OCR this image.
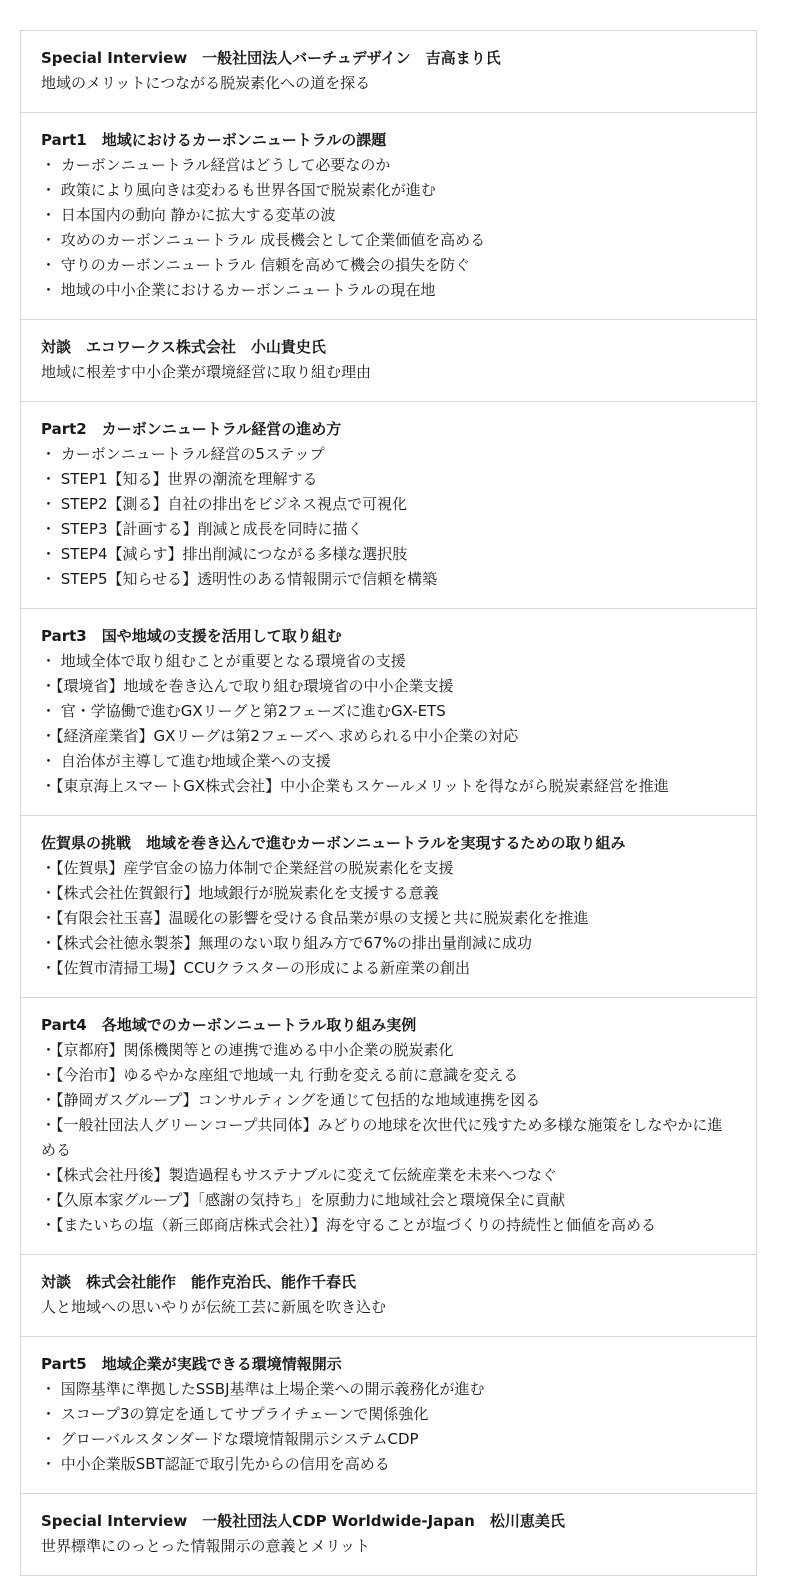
Special Interview　一般社団法人バーチュデザイン　吉高まり氏
地域のメリットにつながる脱炭素化への道を探る
Part1　地域におけるカーボンニュートラルの課題
・ カーボンニュートラル経営はどうして必要なのか
・ 政策により風向きは変わるも世界各国で脱炭素化が進む
・ 日本国内の動向 静かに拡大する変革の波
・ 攻めのカーボンニュートラル 成長機会として企業価値を高める
・ 守りのカーボンニュートラル 信頼を高めて機会の損失を防ぐ
・ 地域の中小企業におけるカーボンニュートラルの現在地
対談　エコワークス株式会社　小山貴史氏
地域に根差す中小企業が環境経営に取り組む理由
Part2　カーボンニュートラル経営の進め方
・ カーボンニュートラル経営の5ステップ
・ STEP1【知る】世界の潮流を理解する
・ STEP2【測る】自社の排出をビジネス視点で可視化
・ STEP3【計画する】削減と成長を同時に描く
・ STEP4【減らす】排出削減につながる多様な選択肢
・ STEP5【知らせる】透明性のある情報開示で信頼を構築
Part3　国や地域の支援を活用して取り組む
・ 地域全体で取り組むことが重要となる環境省の支援
・【環境省】地域を巻き込んで取り組む環境省の中小企業支援
・ 官・学協働で進むGXリーグと第2フェーズに進むGX-ETS
・【経済産業省】GXリーグは第2フェーズへ 求められる中小企業の対応
・ 自治体が主導して進む地域企業への支援
・【東京海上スマートGX株式会社】中小企業もスケールメリットを得ながら脱炭素経営を推進
佐賀県の挑戦　地域を巻き込んで進むカーボンニュートラルを実現するための取り組み
・【佐賀県】産学官金の協力体制で企業経営の脱炭素化を支援
・【株式会社佐賀銀行】地域銀行が脱炭素化を支援する意義
・【有限会社玉喜】温暖化の影響を受ける食品業が県の支援と共に脱炭素化を推進
・【株式会社徳永製茶】無理のない取り組み方で67%の排出量削減に成功
・【佐賀市清掃工場】CCUクラスターの形成による新産業の創出
Part4　各地域でのカーボンニュートラル取り組み実例
・【京都府】関係機関等との連携で進める中小企業の脱炭素化
・【今治市】ゆるやかな座組で地域一丸 行動を変える前に意識を変える
・【静岡ガスグループ】コンサルティングを通じて包括的な地域連携を図る
・【一般社団法人グリーンコープ共同体】みどりの地球を次世代に残すため多様な施策をしなやかに進める
・【株式会社丹後】製造過程もサステナブルに変えて伝統産業を未来へつなぐ
・【久原本家グループ】「感謝の気持ち」を原動力に地域社会と環境保全に貢献
・【またいちの塩（新三郎商店株式会社）】海を守ることが塩づくりの持続性と価値を高める
対談　株式会社能作　能作克治氏、能作千春氏
人と地域への思いやりが伝統工芸に新風を吹き込む
Part5　地域企業が実践できる環境情報開示
・ 国際基準に準拠したSSBJ基準は上場企業への開示義務化が進む
・ スコープ3の算定を通してサプライチェーンで関係強化
・ グローバルスタンダードな環境情報開示システムCDP
・ 中小企業版SBT認証で取引先からの信用を高める
Special Interview　一般社団法人CDP Worldwide-Japan　松川恵美氏
世界標準にのっとった情報開示の意義とメリット
